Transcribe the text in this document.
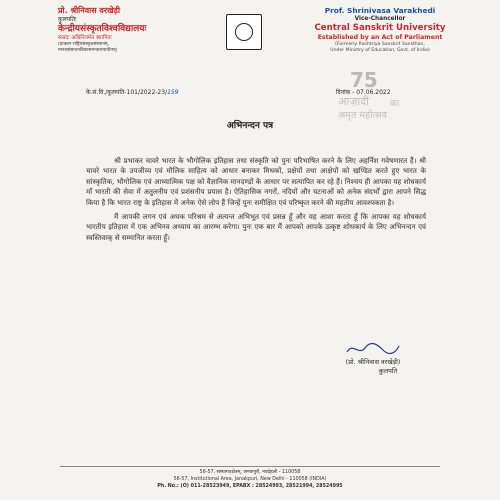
प्रो. श्रीनिवास वरखेड़ी
कुलपतिः
केन्द्रीयसंस्कृतविश्वविद्यालयः
संसदः अधिनियमेन स्थापितः
(प्राक्तन राष्ट्रियसंस्कृतसंस्थानम्,
मानवसंसाधनविकासमन्त्रालयाधीनम्)
Prof. Shrinivasa Varakhedi
Vice-Chancellor
Central Sanskrit University
Established by an Act of Parliament
(Formerly Rashtriya Sanskrit Sansthan,
Under Ministry of Education, Govt. of India)
के.सं.वि./कुलपति-101/2022-23/159	दिनांक - 07.06.2022
75
आज़ादी का
अमृत महोत्सव
अभिनन्दन पत्र

श्री प्रभाकर चावरे भारत के भौगोलिक इतिहास तथा संस्कृति को पुनः परिभाषित करने के लिए अहर्निश गवेषणारत हैं। श्री चावरे भारत के उपजीव्य एवं मौलिक साहित्य को आधार बनाकर मिथकों, प्रक्षेपों तथा आक्षेपों को खण्डित करते हुए भारत के सांस्कृतिक, भौगोलिक एवं आध्यात्मिक पक्ष को वैज्ञानिक मानदण्डों के आधार पर सत्यापित कर रहे हैं। निश्चय ही आपका यह शोधकार्य माँ भारती की सेवा में अतुलनीय एवं प्रशंसनीय प्रयास है। ऐतिहासिक नगरों, नदियों और घटनाओं को अनेक संदर्भों द्वारा आपने सिद्ध किया है कि भारत राष्ट्र के इतिहास में अनेक ऐसे लोप हैं जिन्हें पुनः समीक्षित एवं परिष्कृत करने की महतीय आवश्यकता है।

मैं आपकी लगन एवं अधक परिश्रम से अत्यन्त अभिभूत एवं प्रसन्न हूँ और यह आशा करता हूँ कि आपका यह शोधकार्य भारतीय इतिहास में एक अभिनव अध्याय का आरम्भ करेगा। पुनः एक बार मैं आपको आपके उत्कृष्ट शोधकार्य के लिए अभिनन्दन एवं स्वस्तिवाक् से सम्मानित करता हूँ।

(प्रो. श्रीनिवास वरखेड़ी)
कुलपति
56-57, संस्थागतक्षेत्रम्, जनकपुरी, नवदेहली - 110058
56-57, Institutional Area, Janakpuri, New Delhi - 110058 (INDIA)
Ph. No.: (O) 011-28523949, EPABX : 28524993, 28521994, 28524995
